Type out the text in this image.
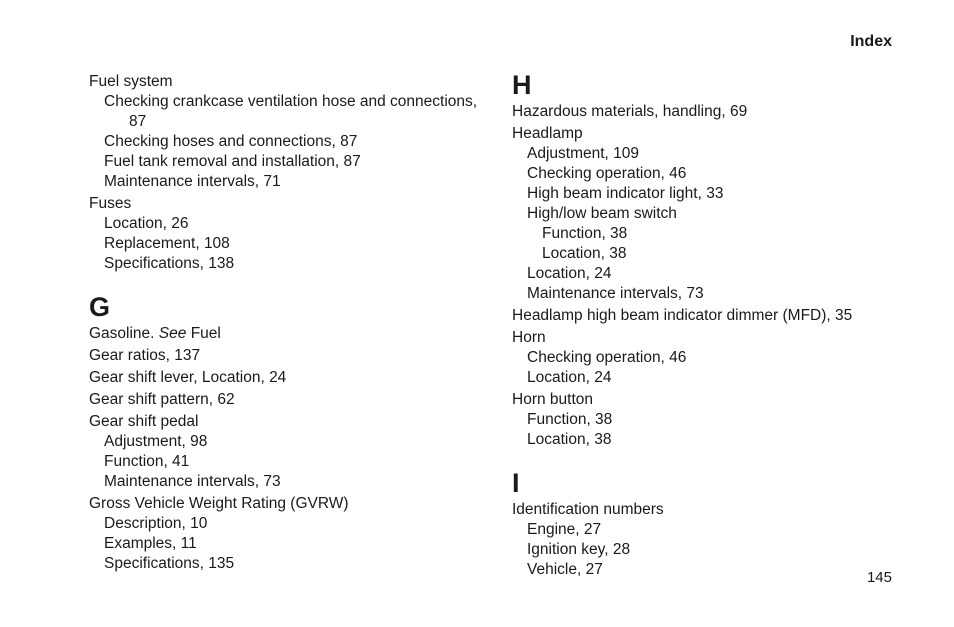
Index
Fuel system
Checking crankcase ventilation hose and connections, 87
Checking hoses and connections, 87
Fuel tank removal and installation, 87
Maintenance intervals, 71
Fuses
Location, 26
Replacement, 108
Specifications, 138
G
Gasoline. See Fuel
Gear ratios, 137
Gear shift lever, Location, 24
Gear shift pattern, 62
Gear shift pedal
Adjustment, 98
Function, 41
Maintenance intervals, 73
Gross Vehicle Weight Rating (GVRW)
Description, 10
Examples, 11
Specifications, 135
H
Hazardous materials, handling, 69
Headlamp
Adjustment, 109
Checking operation, 46
High beam indicator light, 33
High/low beam switch
Function, 38
Location, 38
Location, 24
Maintenance intervals, 73
Headlamp high beam indicator dimmer (MFD), 35
Horn
Checking operation, 46
Location, 24
Horn button
Function, 38
Location, 38
I
Identification numbers
Engine, 27
Ignition key, 28
Vehicle, 27	145
